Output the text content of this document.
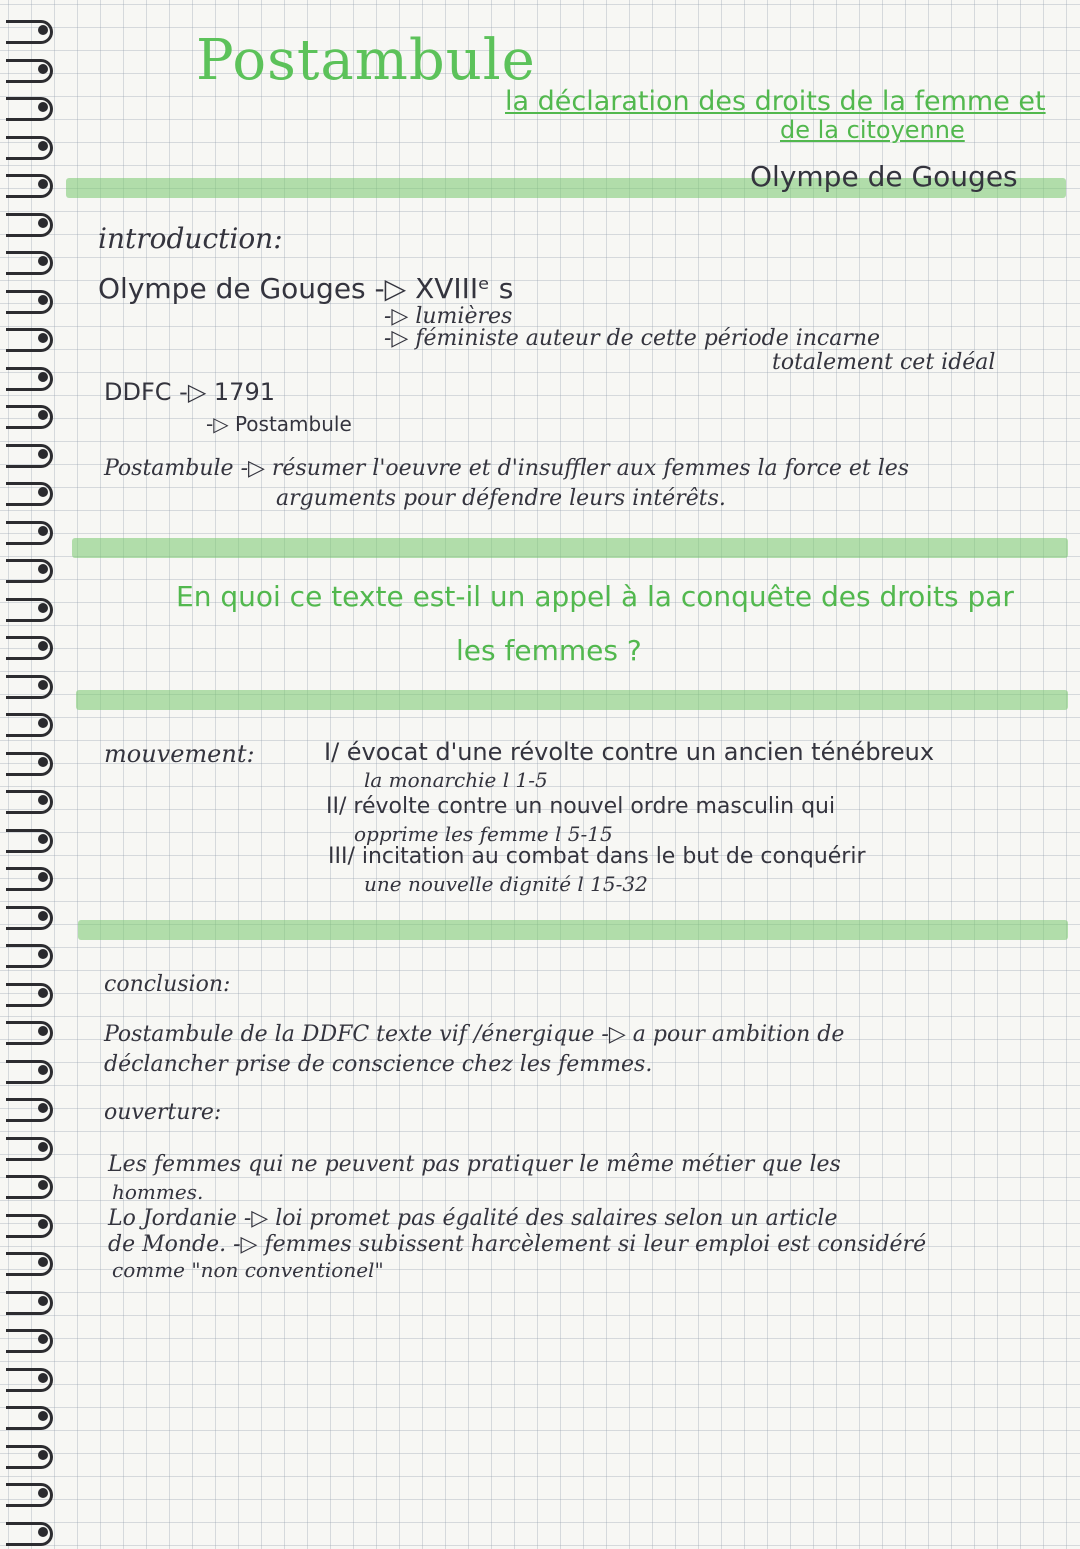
Postambule
la déclaration des droits de la femme et
de la citoyenne
Olympe de Gouges
introduction:
Olympe de Gouges -▷ XVIIIᵉ s
-▷ lumières
-▷ féministe auteur de cette période incarne
totalement cet idéal
DDFC -▷ 1791
-▷ Postambule
Postambule -▷ résumer l'oeuvre et d'insuffler aux femmes la force et les
arguments pour défendre leurs intérêts.
En quoi ce texte est-il un appel à la conquête des droits par
les femmes ?
mouvement:	I/ évocat d'une révolte contre un ancien ténébreux
la monarchie l 1-5
II/ révolte contre un nouvel ordre masculin qui
opprime les femme l 5-15
III/ incitation au combat dans le but de conquérir
une nouvelle dignité l 15-32
conclusion:
Postambule de la DDFC texte vif /énergique -▷ a pour ambition de
déclancher prise de conscience chez les femmes.
ouverture:
Les femmes qui ne peuvent pas pratiquer le même métier que les
hommes.
Lo Jordanie -▷ loi promet pas égalité des salaires selon un article
de Monde. -▷ femmes subissent harcèlement si leur emploi est considéré
comme "non conventionel"
